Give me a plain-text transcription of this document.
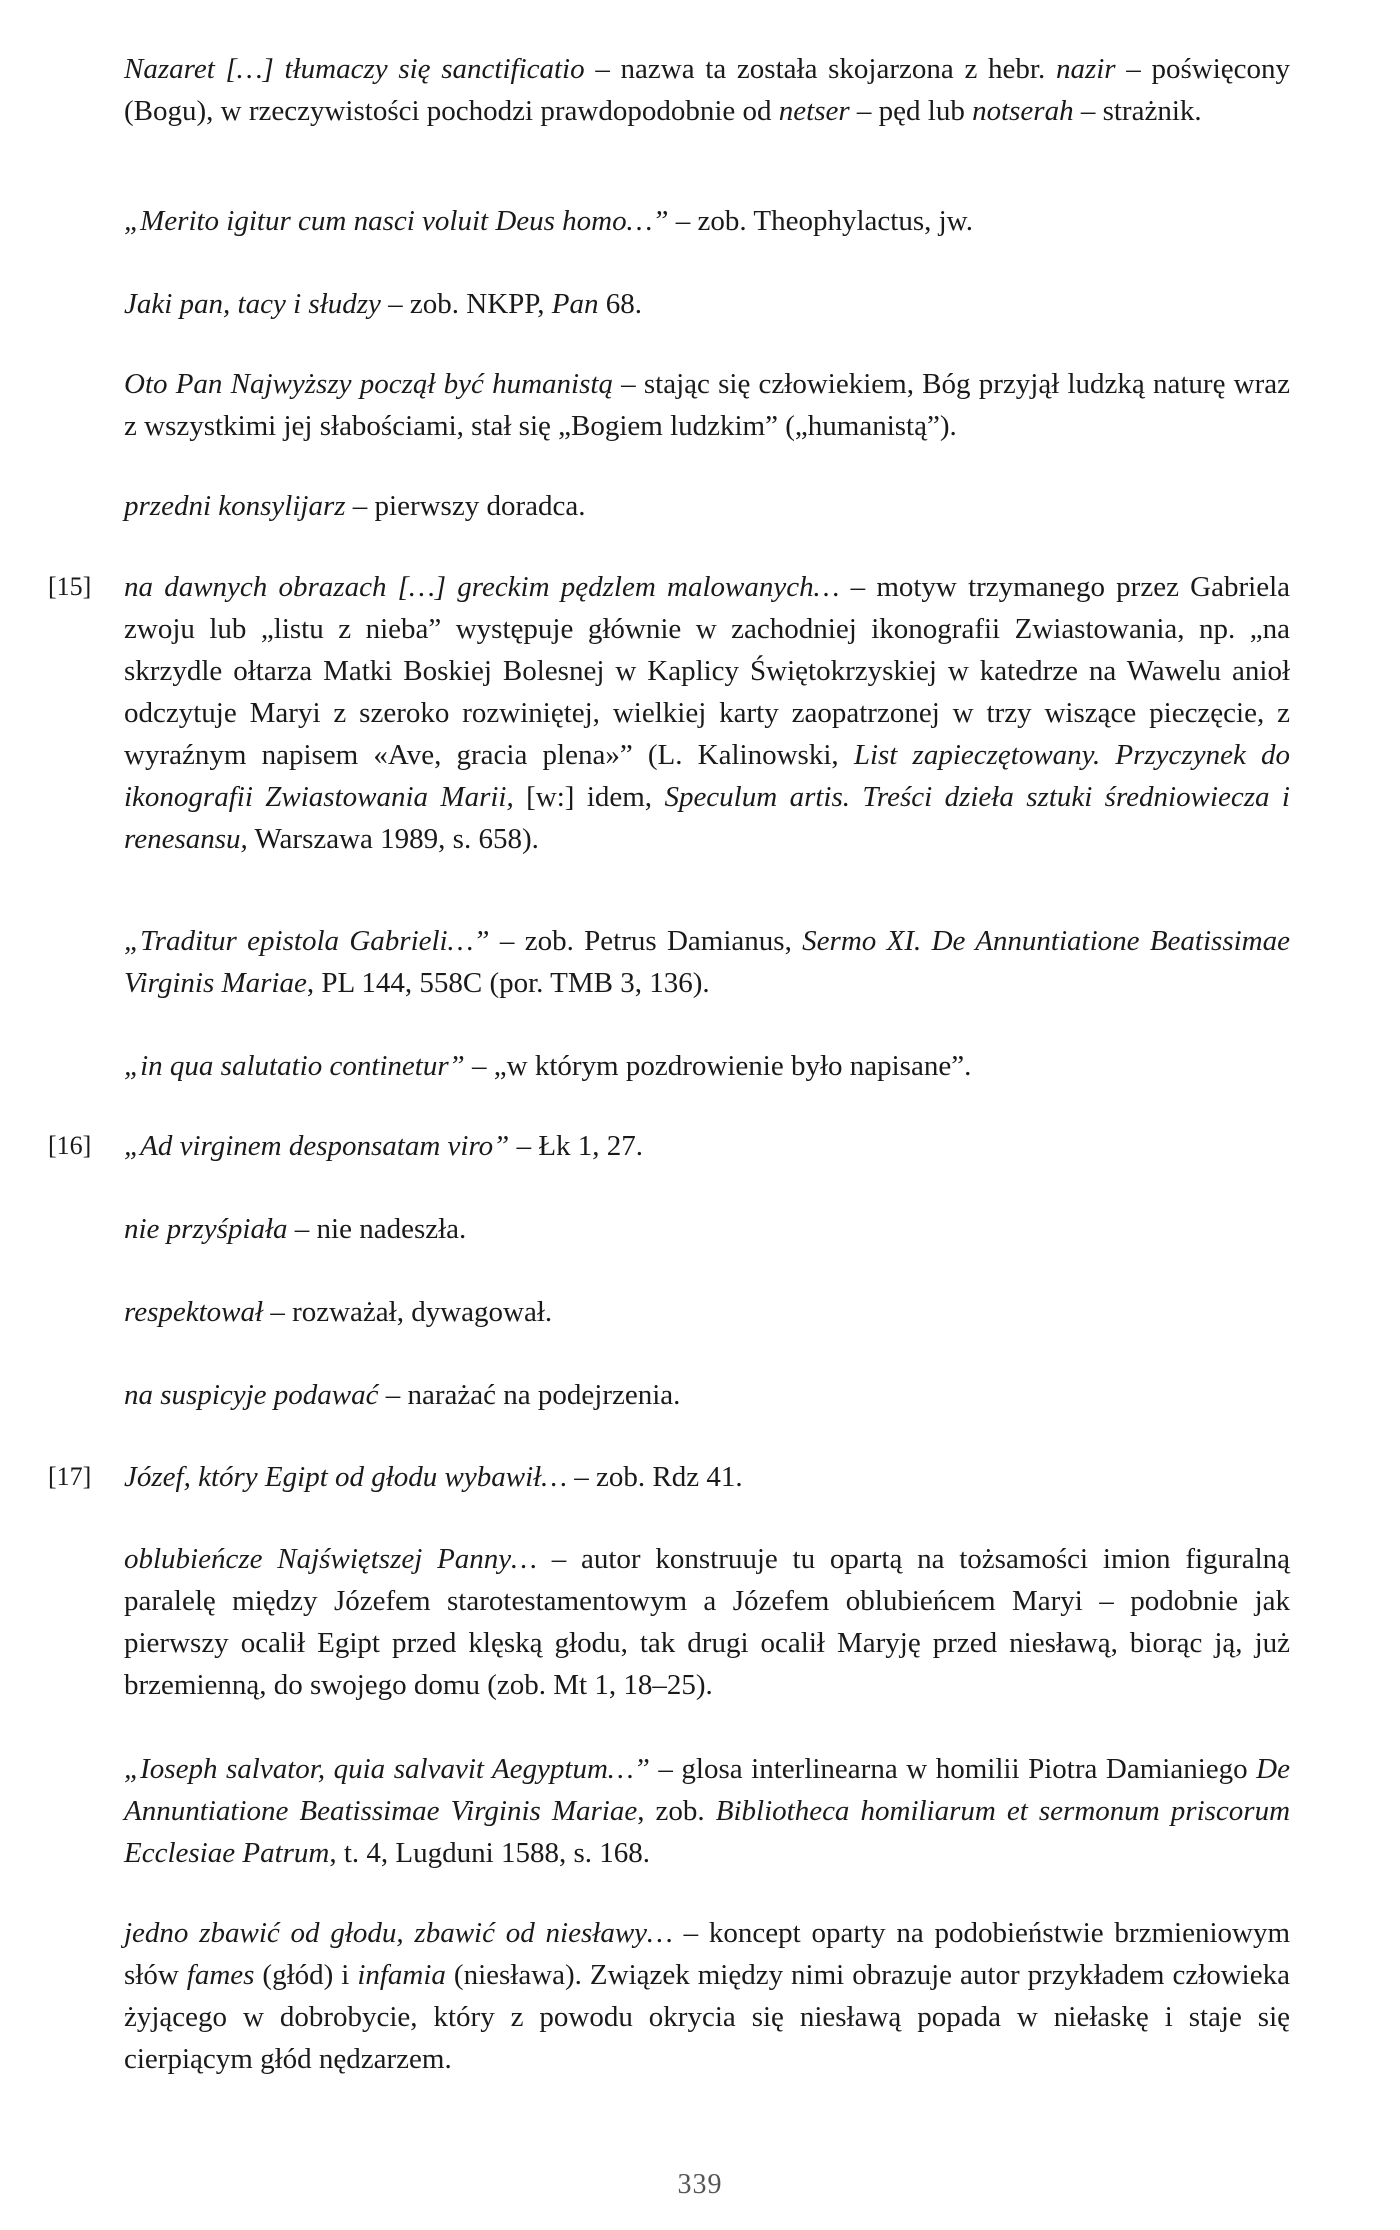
Nazaret […] tłumaczy się sanctificatio – nazwa ta została skojarzona z hebr. nazir – poświęcony (Bogu), w rzeczywistości pochodzi prawdopodobnie od netser – pęd lub notserah – strażnik.

„Merito igitur cum nasci voluit Deus homo…” – zob. Theophylactus, jw.

Jaki pan, tacy i słudzy – zob. NKPP, Pan 68.

Oto Pan Najwyższy począł być humanistą – stając się człowiekiem, Bóg przyjął ludzką naturę wraz z wszystkimi jej słabościami, stał się „Bogiem ludzkim” („humanistą”).

przedni konsylijarz – pierwszy doradca.

[15]	na dawnych obrazach […] greckim pędzlem malowanych… – motyw trzymanego przez Gabriela zwoju lub „listu z nieba” występuje głównie w zachodniej ikonografii Zwiastowania, np. „na skrzydle ołtarza Matki Boskiej Bolesnej w Kaplicy Świętokrzyskiej w katedrze na Wawelu anioł odczytuje Maryi z szeroko rozwiniętej, wielkiej karty zaopatrzonej w trzy wiszące pieczęcie, z wyraźnym napisem «Ave, gracia plena»” (L. Kalinowski, List zapieczętowany. Przyczynek do ikonografii Zwiastowania Marii, [w:] idem, Speculum artis. Treści dzieła sztuki średniowiecza i renesansu, Warszawa 1989, s. 658).

„Traditur epistola Gabrieli…” – zob. Petrus Damianus, Sermo XI. De Annuntiatione Beatissimae Virginis Mariae, PL 144, 558C (por. TMB 3, 136).

„in qua salutatio continetur” – „w którym pozdrowienie było napisane”.

[16]	„Ad virginem desponsatam viro” – Łk 1, 27.

nie przyśpiała – nie nadeszła.

respektował – rozważał, dywagował.

na suspicyje podawać – narażać na podejrzenia.

[17]	Józef, który Egipt od głodu wybawił… – zob. Rdz 41.

oblubieńcze Najświętszej Panny… – autor konstruuje tu opartą na tożsamości imion figuralną paralelę między Józefem starotestamentowym a Józefem oblubieńcem Maryi – podobnie jak pierwszy ocalił Egipt przed klęską głodu, tak drugi ocalił Maryję przed niesławą, biorąc ją, już brzemienną, do swojego domu (zob. Mt 1, 18–25).

„Ioseph salvator, quia salvavit Aegyptum…” – glosa interlinearna w homilii Piotra Damianiego De Annuntiatione Beatissimae Virginis Mariae, zob. Bibliotheca homiliarum et sermonum priscorum Ecclesiae Patrum, t. 4, Lugduni 1588, s. 168.

jedno zbawić od głodu, zbawić od niesławy… – koncept oparty na podobieństwie brzmieniowym słów fames (głód) i infamia (niesława). Związek między nimi obrazuje autor przykładem człowieka żyjącego w dobrobycie, który z powodu okrycia się niesławą popada w niełaskę i staje się cierpiącym głód nędzarzem.

339
